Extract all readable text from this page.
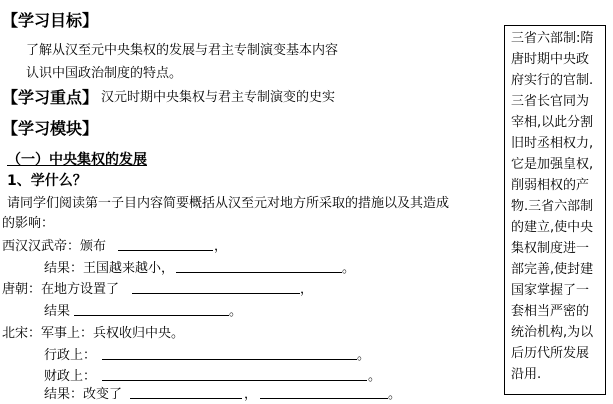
【学习目标】
了解从汉至元中央集权的发展与君主专制演变基本内容
认识中国政治制度的特点。
【学习重点】 汉元时期中央集权与君主专制演变的史实
【学习模块】
（一）中央集权的发展
1、学什么？
请同学们阅读第一子目内容简要概括从汉至元对地方所采取的措施以及其造成
的影响：
西汉汉武帝：颁布	，
结果：王国越来越小，	。
唐朝：在地方设置了	，
结果	。
北宋：军事上：兵权收归中央。
行政上：	。
财政上：	。
结果：改变了	，	。
三省六部制:隋
唐时期中央政
府实行的官制.
三省长官同为
宰相,以此分割
旧时丞相权力,
它是加强皇权,
削弱相权的产
物.三省六部制
的建立,使中央
集权制度进一
部完善,使封建
国家掌握了一
套相当严密的
统治机构,为以
后历代所发展
沿用.
